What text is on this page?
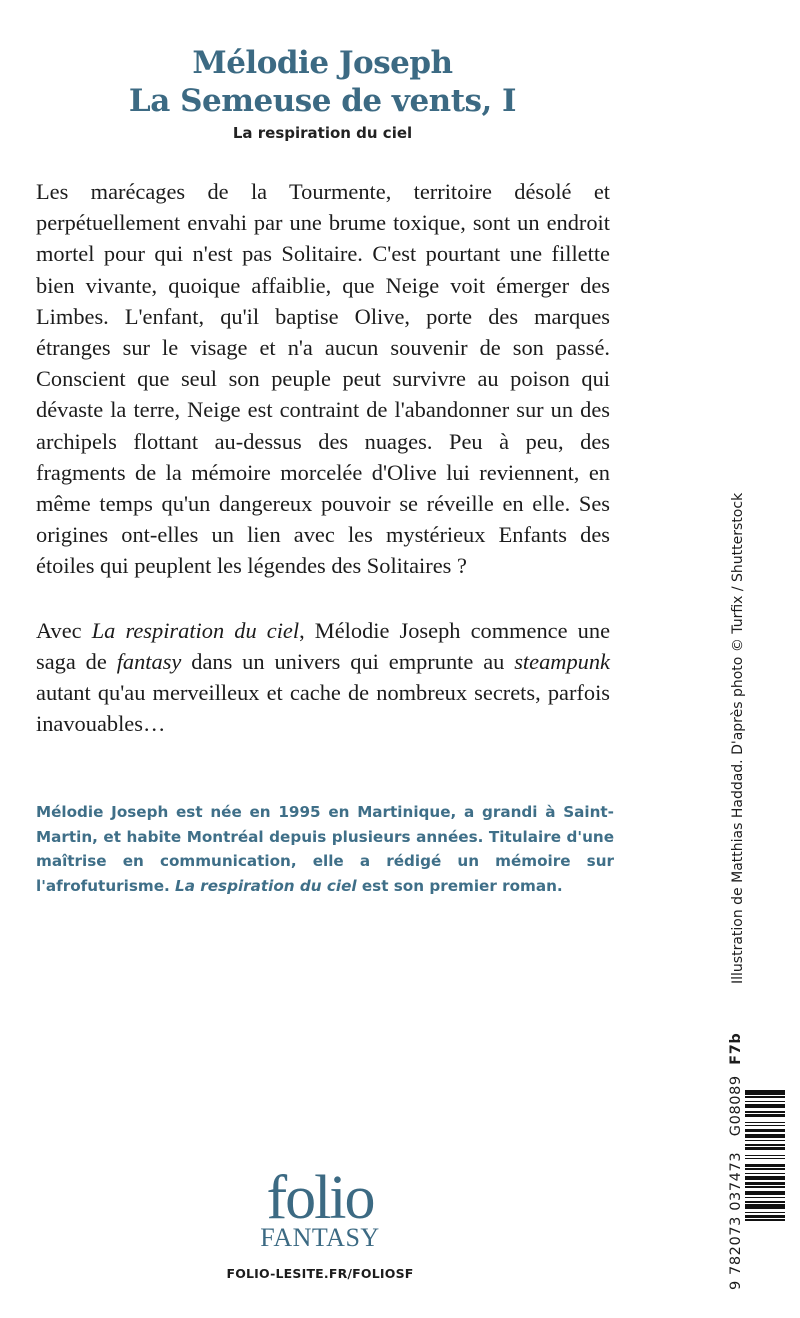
Mélodie Joseph
La Semeuse de vents, I
La respiration du ciel

Les marécages de la Tourmente, territoire désolé et perpétuellement envahi par une brume toxique, sont un endroit mortel pour qui n'est pas Solitaire. C'est pourtant une fillette bien vivante, quoique affaiblie, que Neige voit émerger des Limbes. L'enfant, qu'il baptise Olive, porte des marques étranges sur le visage et n'a aucun souvenir de son passé. Conscient que seul son peuple peut survivre au poison qui dévaste la terre, Neige est contraint de l'abandonner sur un des archipels flottant au-dessus des nuages. Peu à peu, des fragments de la mémoire morcelée d'Olive lui reviennent, en même temps qu'un dangereux pouvoir se réveille en elle. Ses origines ont-elles un lien avec les mystérieux Enfants des étoiles qui peuplent les légendes des Solitaires ?

Avec La respiration du ciel, Mélodie Joseph commence une saga de fantasy dans un univers qui emprunte au steampunk autant qu'au merveilleux et cache de nombreux secrets, parfois inavouables…

Mélodie Joseph est née en 1995 en Martinique, a grandi à Saint-Martin, et habite Montréal depuis plusieurs années. Titulaire d'une maîtrise en communication, elle a rédigé un mémoire sur l'afrofuturisme. La respiration du ciel est son premier roman.

folio
FANTASY
FOLIO-LESITE.FR/FOLIOSF
Illustration de Matthias Haddad. D'après photo © Turfix / Shutterstock
9 782073 037473   G08089  F7b
